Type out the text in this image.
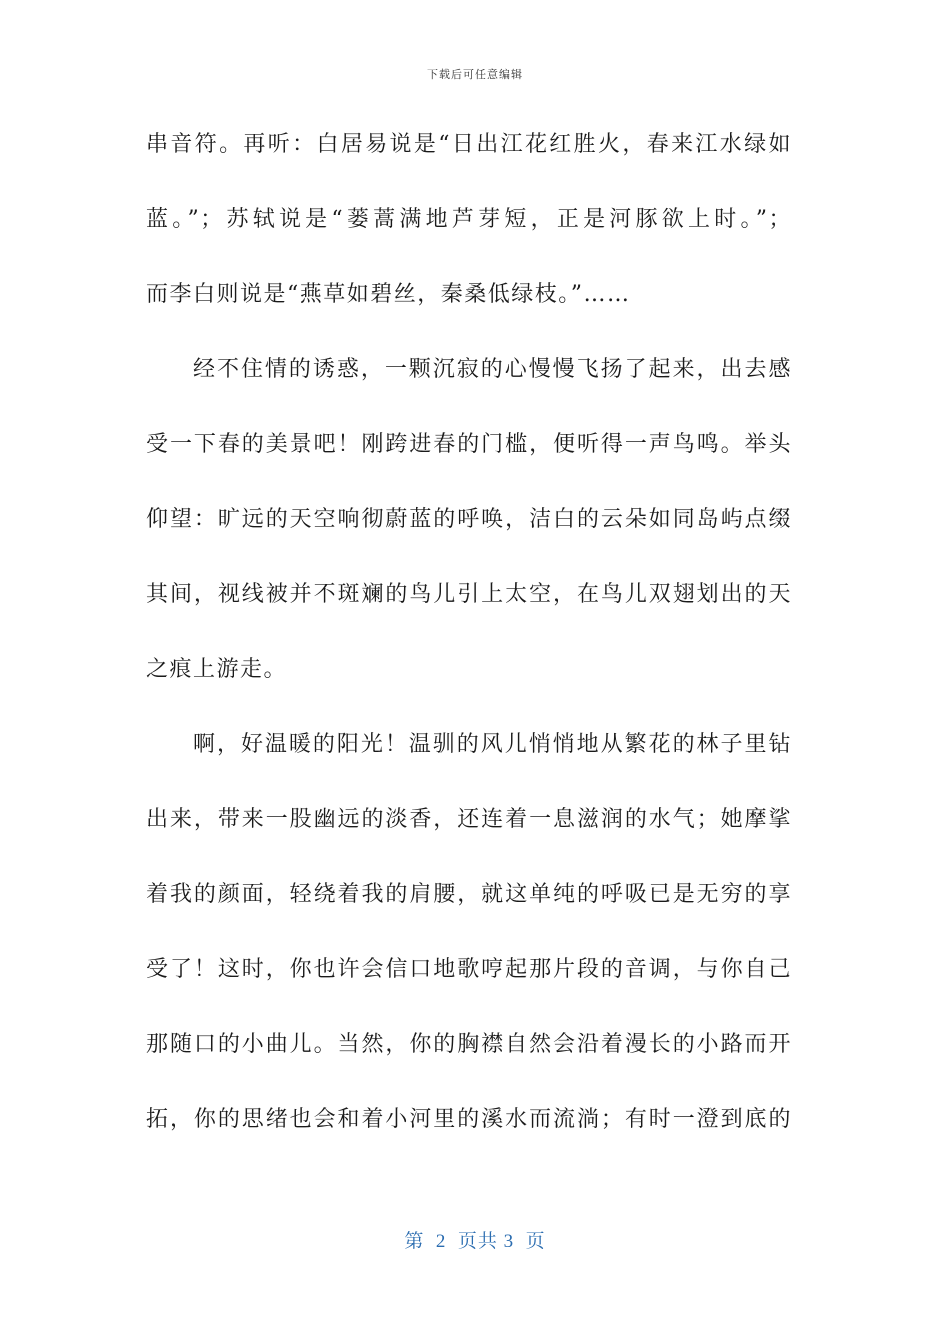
下载后可任意编辑
串音符。再听：白居易说是“日出江花红胜火，春来江水绿如
蓝。”；苏轼说是“蒌蒿满地芦芽短，正是河豚欲上时。”；
而李白则说是“燕草如碧丝，秦桑低绿枝。”……
经不住情的诱惑，一颗沉寂的心慢慢飞扬了起来，出去感
受一下春的美景吧！刚跨进春的门槛，便听得一声鸟鸣。举头
仰望：旷远的天空响彻蔚蓝的呼唤，洁白的云朵如同岛屿点缀
其间，视线被并不斑斓的鸟儿引上太空，在鸟儿双翅划出的天
之痕上游走。
啊，好温暖的阳光！温驯的风儿悄悄地从繁花的林子里钻
出来，带来一股幽远的淡香，还连着一息滋润的水气；她摩挲
着我的颜面，轻绕着我的肩腰，就这单纯的呼吸已是无穷的享
受了！这时，你也许会信口地歌哼起那片段的音调，与你自己
那随口的小曲儿。当然，你的胸襟自然会沿着漫长的小路而开
拓，你的思绪也会和着小河里的溪水而流淌；有时一澄到底的
第  2  页共 3  页
